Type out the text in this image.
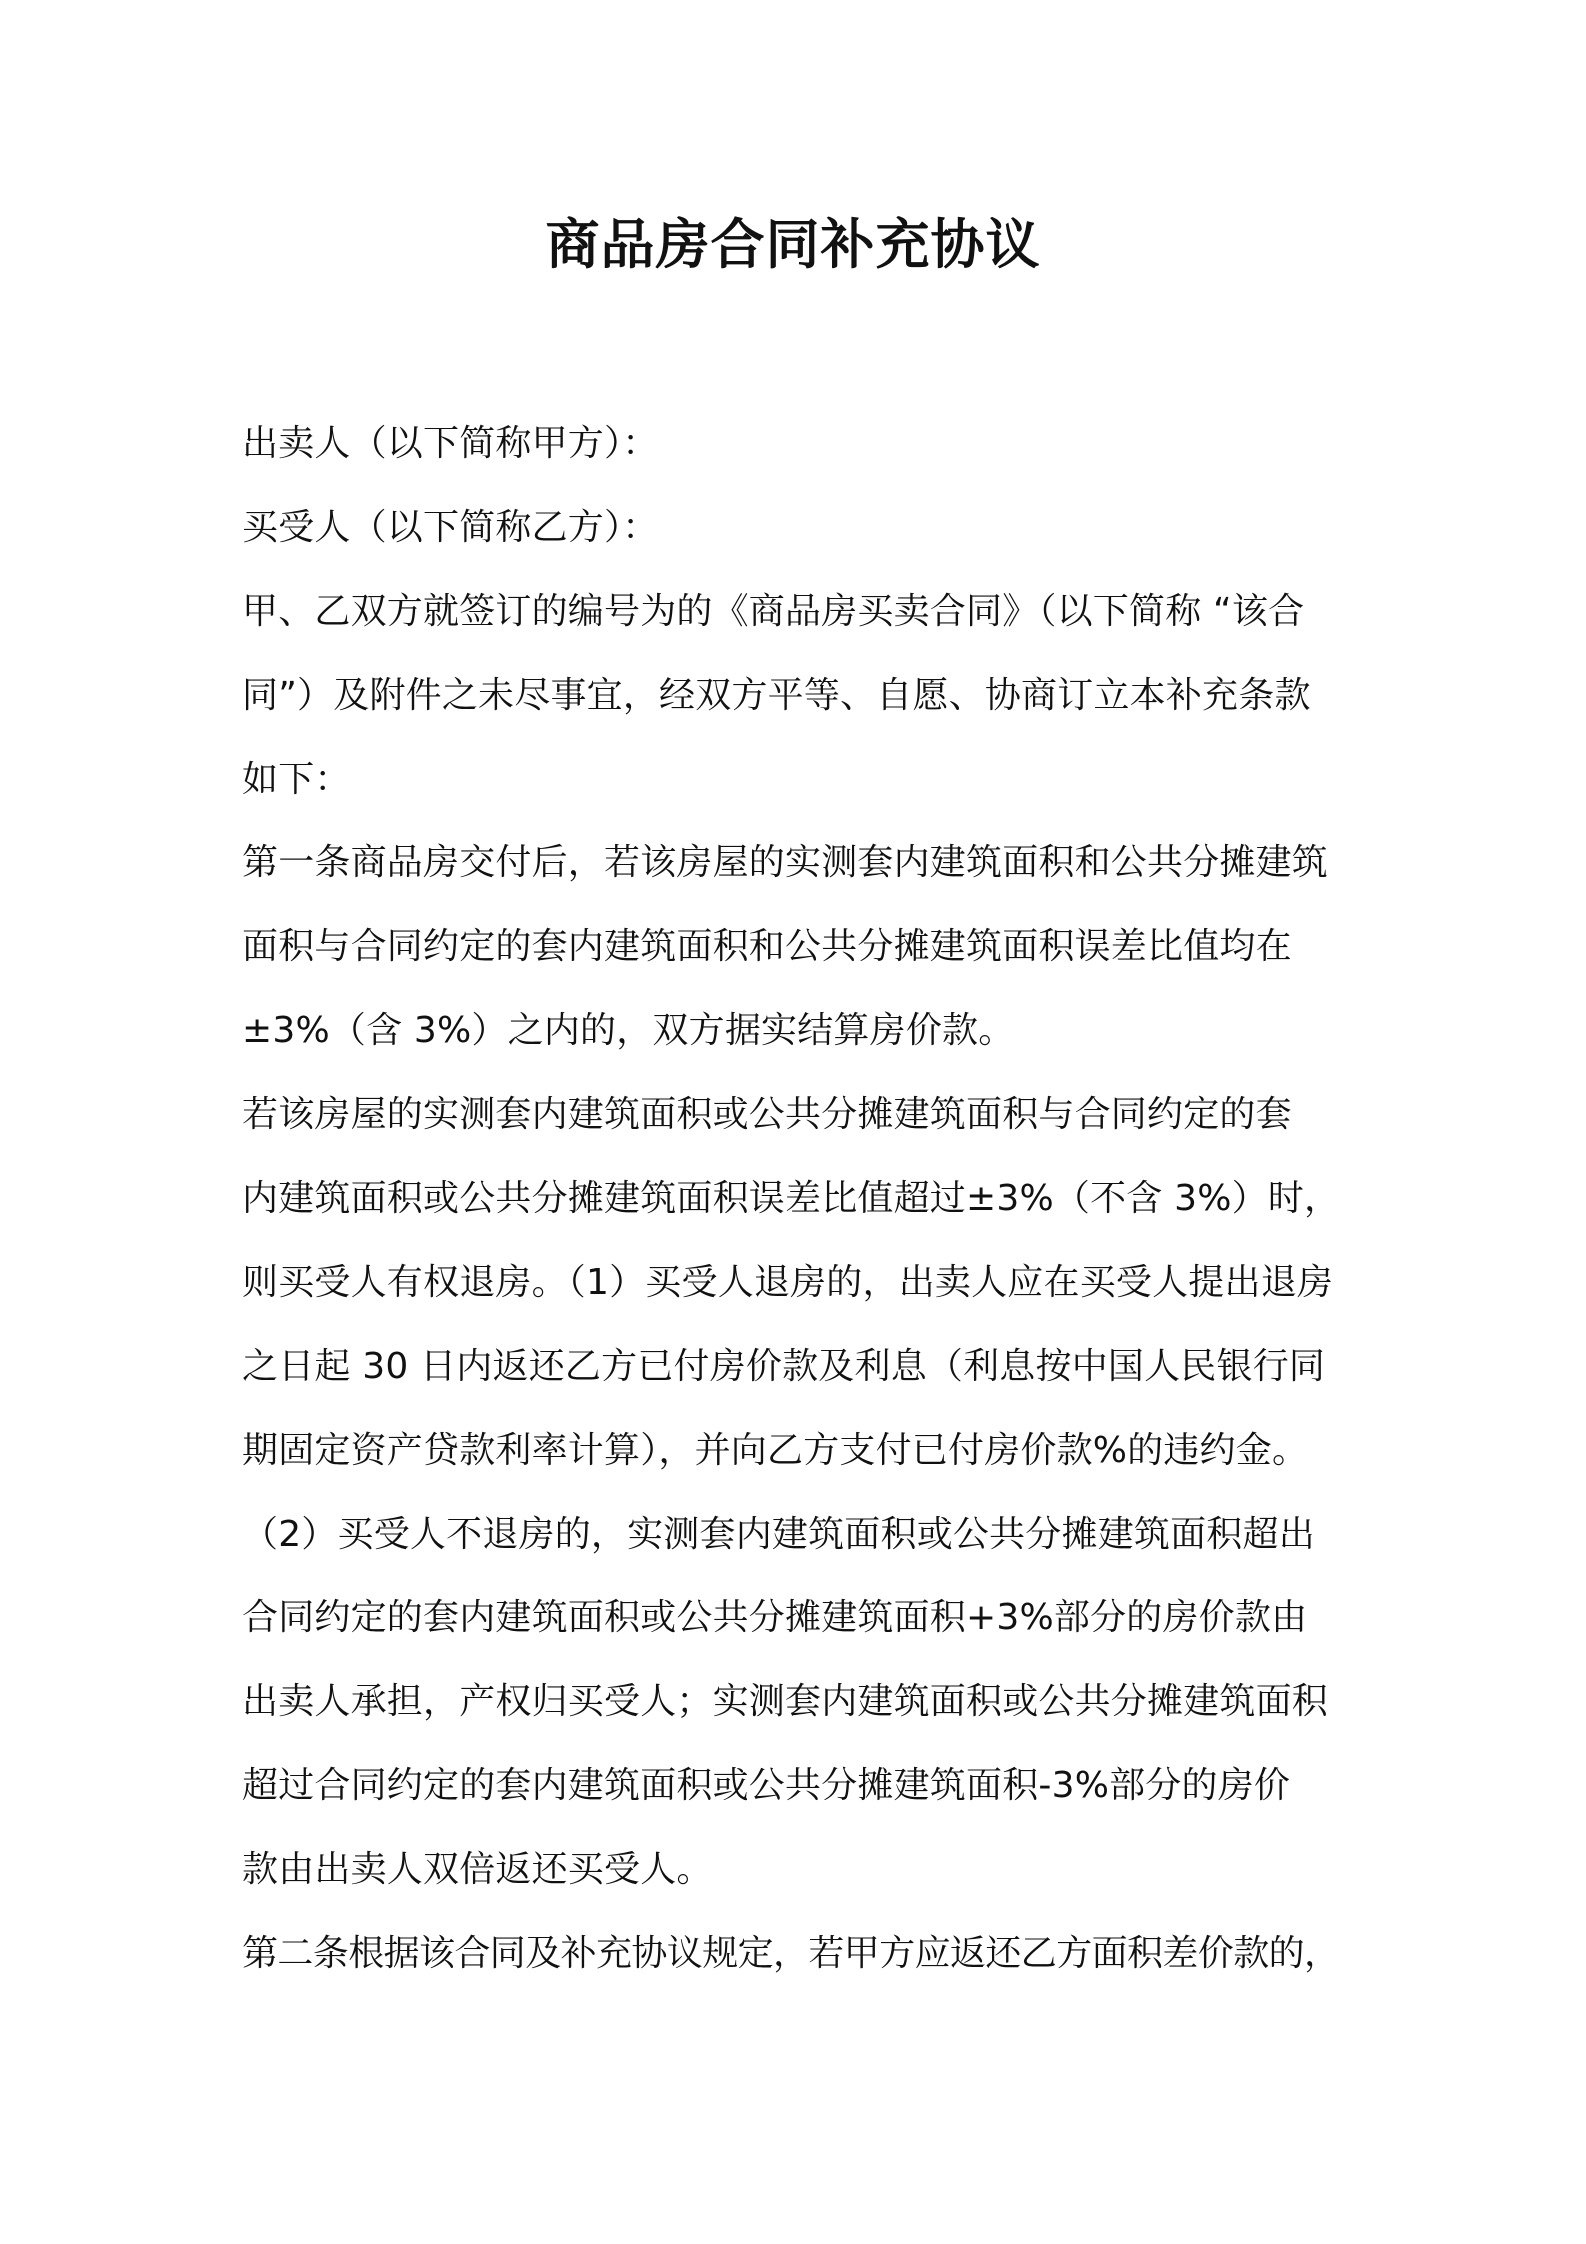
商品房合同补充协议
出卖人（以下简称甲方）：
买受人（以下简称乙方）：
甲、乙双方就签订的编号为的《商品房买卖合同》（以下简称 “该合
同”）及附件之未尽事宜，经双方平等、自愿、协商订立本补充条款
如下：
第一条商品房交付后，若该房屋的实测套内建筑面积和公共分摊建筑
面积与合同约定的套内建筑面积和公共分摊建筑面积误差比值均在
±3%（含 3%）之内的，双方据实结算房价款。
若该房屋的实测套内建筑面积或公共分摊建筑面积与合同约定的套
内建筑面积或公共分摊建筑面积误差比值超过±3%（不含 3%）时，
则买受人有权退房。（1）买受人退房的，出卖人应在买受人提出退房
之日起 30 日内返还乙方已付房价款及利息（利息按中国人民银行同
期固定资产贷款利率计算），并向乙方支付已付房价款%的违约金。
（2）买受人不退房的，实测套内建筑面积或公共分摊建筑面积超出
合同约定的套内建筑面积或公共分摊建筑面积+3%部分的房价款由
出卖人承担，产权归买受人；实测套内建筑面积或公共分摊建筑面积
超过合同约定的套内建筑面积或公共分摊建筑面积-3%部分的房价
款由出卖人双倍返还买受人。
第二条根据该合同及补充协议规定，若甲方应返还乙方面积差价款的，
